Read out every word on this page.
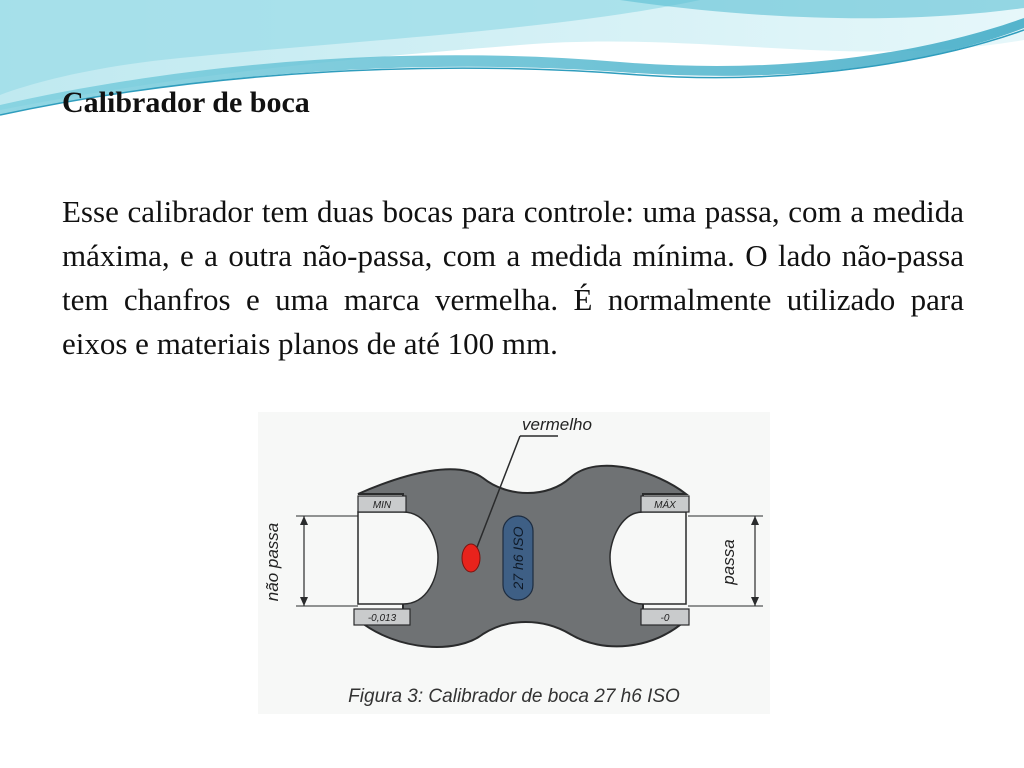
Calibrador de boca

Esse calibrador tem duas bocas para controle: uma passa, com a medida máxima, e a outra não-passa, com a medida mínima. O lado não-passa tem chanfros e uma marca vermelha. É normalmente utilizado para eixos e materiais planos de até 100 mm.

MIN	MÁX
-0,013	-0
vermelho
27 h6 ISO
não passa	passa
Figura 3: Calibrador de boca 27 h6 ISO
